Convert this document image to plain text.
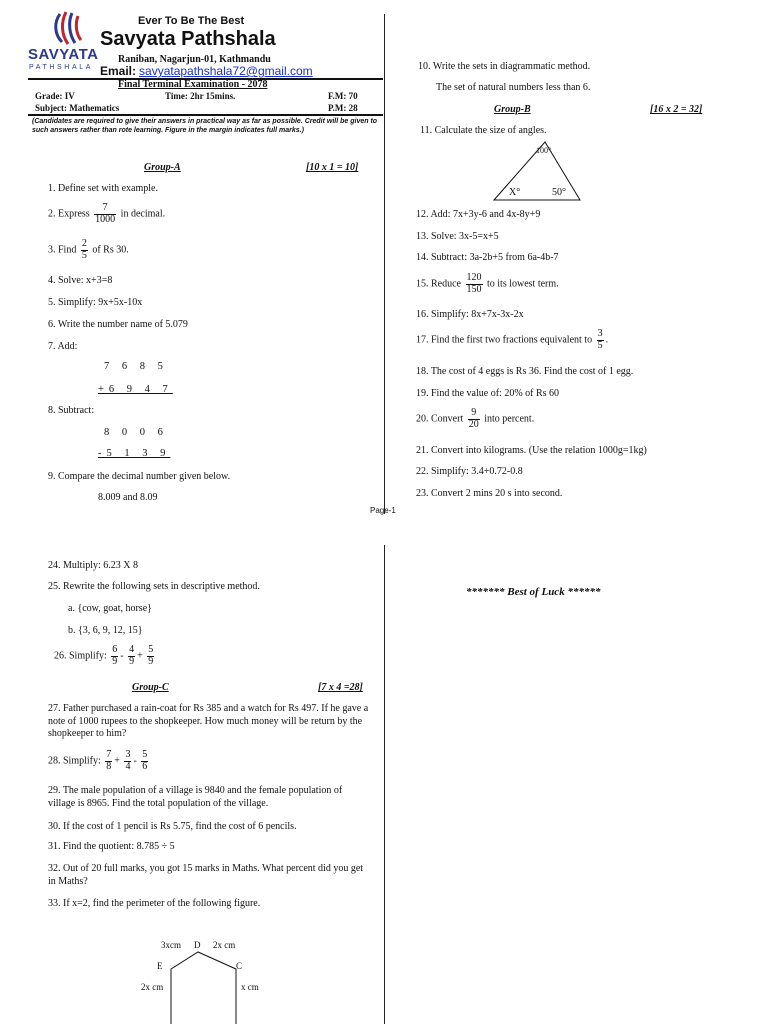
SAVYATA
PATHSHALA
Ever To Be The Best
Savyata Pathshala
Raniban, Nagarjun-01, Kathmandu
Email: savyatapathshala72@gmail.com
Final Terminal Examination - 2078
Grade: IV	Time: 2hr 15mins.	F.M: 70
Subject: Mathematics	P.M: 28
(Candidates are required to give their answers in practical way as far as possible. Credit will be given to such answers rather than rote learning. Figure in the margin indicates full marks.)
Group-A	[10 x 1 = 10]
1. Define set with example.
2. Express $\frac{7}{1000}$ in decimal.
3. Find $\frac{2}{5}$ of Rs 30.
4. Solve: x+3=8
5. Simplify: 9x+5x-10x
6. Write the number name of 5.079
7. Add:
7 6 8 5
+6 9 4 7
8. Subtract:
8 0 0 6
-5 1 3 9
9. Compare the decimal number given below.
8.009 and 8.09
10. Write the sets in diagrammatic method.
The set of natural numbers less than 6.
Group-B	[16 x 2 = 32]
11. Calculate the size of angles.
100°
X°	50°
12. Add: 7x+3y-6 and 4x-8y+9
13. Solve: 3x-5=x+5
14. Subtract: 3a-2b+5 from 6a-4b-7
15. Reduce $\frac{120}{150}$ to its lowest term.
16. Simplify: 8x+7x-3x-2x
17. Find the first two fractions equivalent to $\frac{3}{5}$ .
18. The cost of 4 eggs is Rs 36. Find the cost of 1 egg.
19. Find the value of: 20% of Rs 60
20. Convert $\frac{9}{20}$ into percent.
21. Convert into kilograms. (Use the relation 1000g=1kg)
22. Simplify: 3.4+0.72-0.8
23. Convert 2 mins 20 s into second.
Page-1
24. Multiply: 6.23 X 8
25. Rewrite the following sets in descriptive method.
a. {cow, goat, horse}
b. {3, 6, 9, 12, 15}
26. Simplify: $\frac{6}{9} - \frac{4}{9} + \frac{5}{9}$
Group-C	[7 x 4 =28]
27. Father purchased a rain-coat for Rs 385 and a watch for Rs 497. If he gave a note of 1000 rupees to the shopkeeper. How much money will be return by the shopkeeper to him?
28. Simplify: $\frac{7}{8} + \frac{3}{4} - \frac{5}{6}$
29. The male population of a village is 9840 and the female population of village is 8965. Find the total population of the village.
30. If the cost of 1 pencil is Rs 5.75, find the cost of 6 pencils.
31. Find the quotient: 8.785 ÷ 5
32. Out of 20 full marks, you got 15 marks in Maths. What percent did you get in Maths?
33. If x=2, find the perimeter of the following figure.
3xcm D 2x cm
E	C
2x cm	x cm
******* Best of Luck ******
